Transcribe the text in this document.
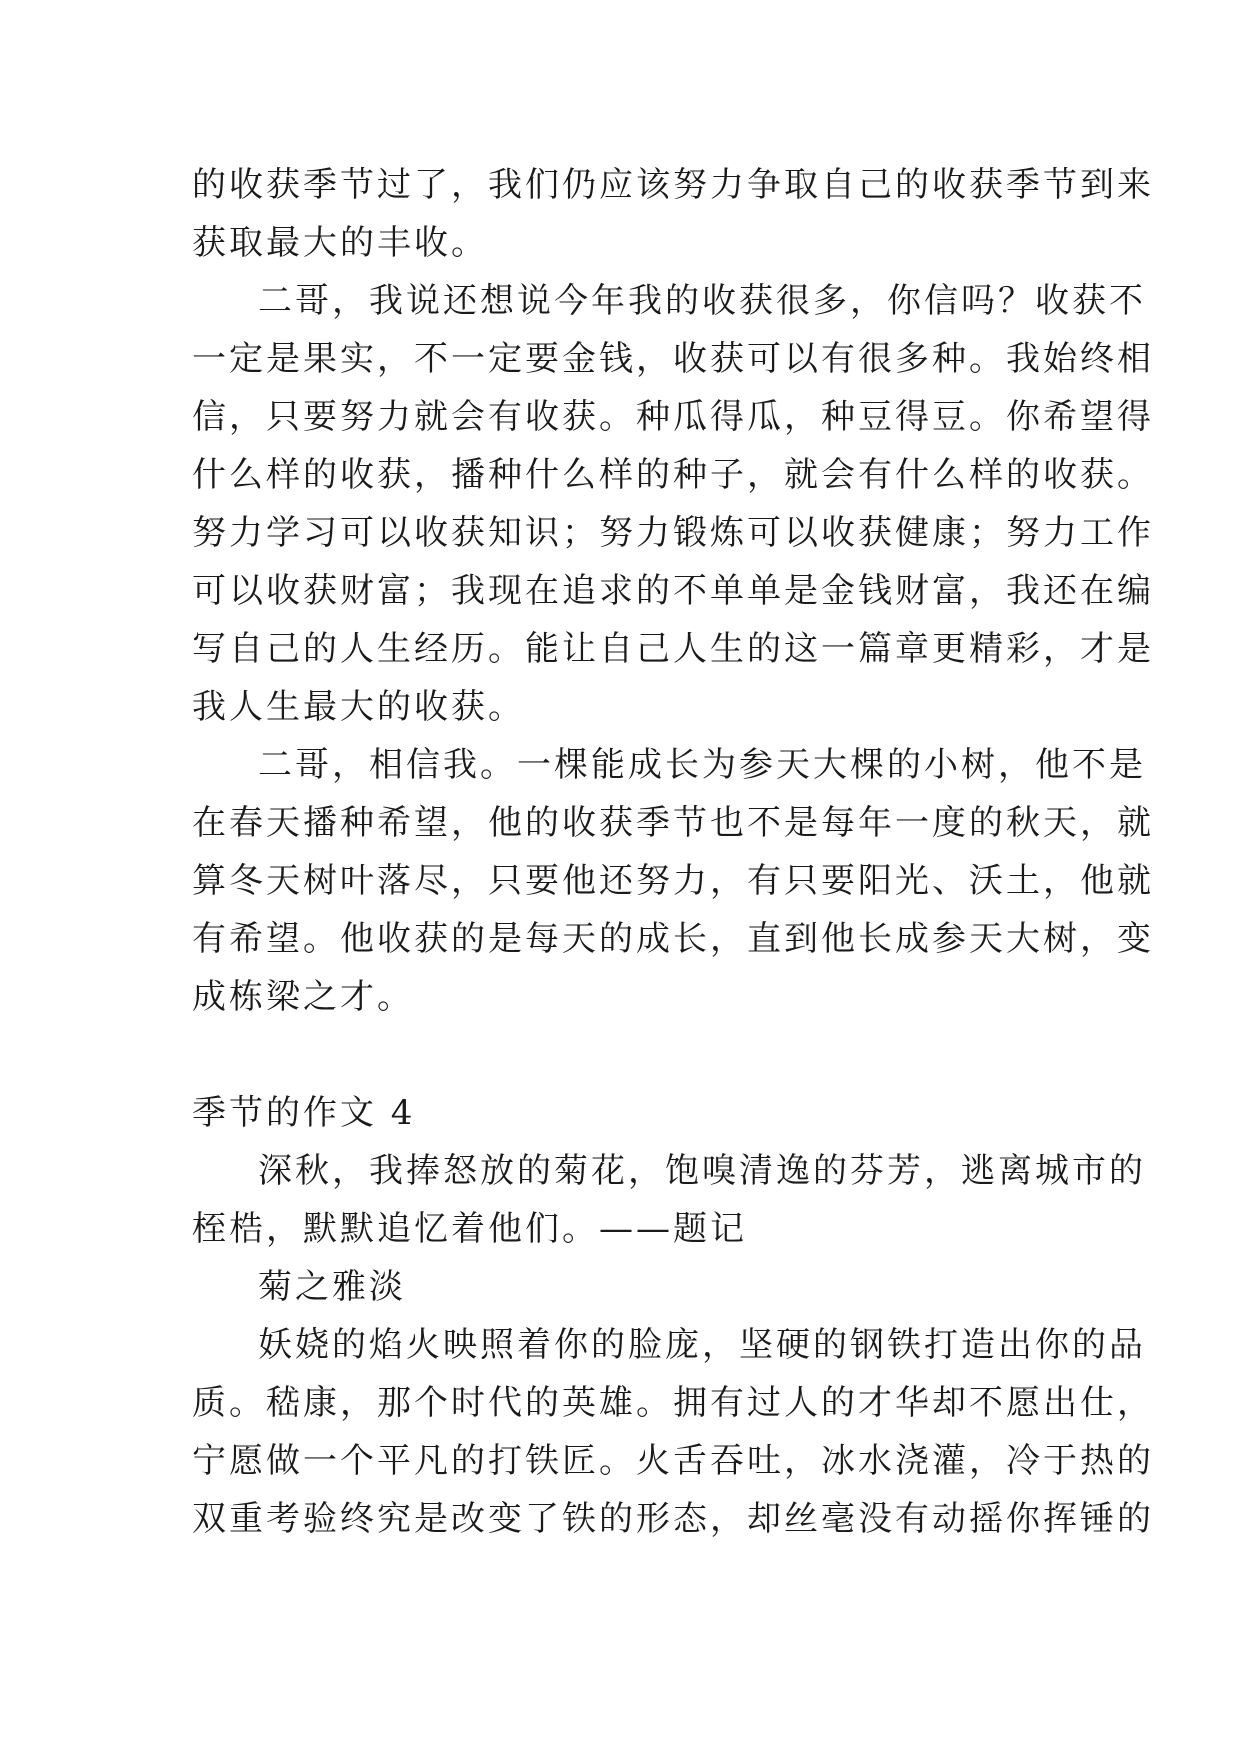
的收获季节过了，我们仍应该努力争取自己的收获季节到来
获取最大的丰收。
二哥，我说还想说今年我的收获很多，你信吗？收获不
一定是果实，不一定要金钱，收获可以有很多种。我始终相
信，只要努力就会有收获。种瓜得瓜，种豆得豆。你希望得
什么样的收获，播种什么样的种子，就会有什么样的收获。
努力学习可以收获知识；努力锻炼可以收获健康；努力工作
可以收获财富；我现在追求的不单单是金钱财富，我还在编
写自己的人生经历。能让自己人生的这一篇章更精彩，才是
我人生最大的收获。
二哥，相信我。一棵能成长为参天大棵的小树，他不是
在春天播种希望，他的收获季节也不是每年一度的秋天，就
算冬天树叶落尽，只要他还努力，有只要阳光、沃土，他就
有希望。他收获的是每天的成长，直到他长成参天大树，变
成栋梁之才。
季节的作文 4
深秋，我捧怒放的菊花，饱嗅清逸的芬芳，逃离城市的
桎梏，默默追忆着他们。——题记
菊之雅淡
妖娆的焰火映照着你的脸庞，坚硬的钢铁打造出你的品
质。嵇康，那个时代的英雄。拥有过人的才华却不愿出仕，
宁愿做一个平凡的打铁匠。火舌吞吐，冰水浇灌，冷于热的
双重考验终究是改变了铁的形态，却丝毫没有动摇你挥锤的
